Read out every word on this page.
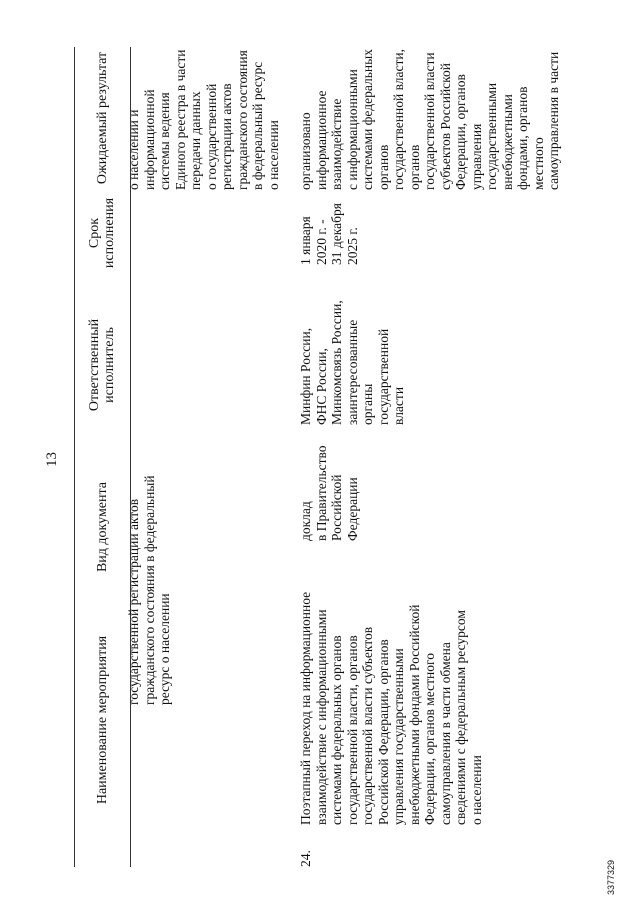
13
Наименование мероприятия
Вид документа
Ответственный исполнитель
Срок исполнения
Ожидаемый результат
государственной регистрации актов гражданского состояния в федеральный ресурс о населении
о населении и информационной системы ведения Единого реестра в части передачи данных о государственной регистрации актов гражданского состояния в федеральный ресурс о населении
24.
Поэтапный переход на информационное взаимодействие с информационными системами федеральных органов государственной власти, органов государственной власти субъектов Российской Федерации, органов управления государственными внебюджетными фондами Российской Федерации, органов местного самоуправления в части обмена сведениями с федеральным ресурсом о населении
доклад в Правительство Российской Федерации
Минфин России, ФНС России, Минкомсвязь России, заинтересованные органы государственной власти
1 января 2020 г. - 31 декабря 2025 г.
организовано информационное взаимодействие с информационными системами федеральных органов государственной власти, органов государственной власти субъектов Российской Федерации, органов управления государственными внебюджетными фондами, органов местного самоуправления в части
3377329
